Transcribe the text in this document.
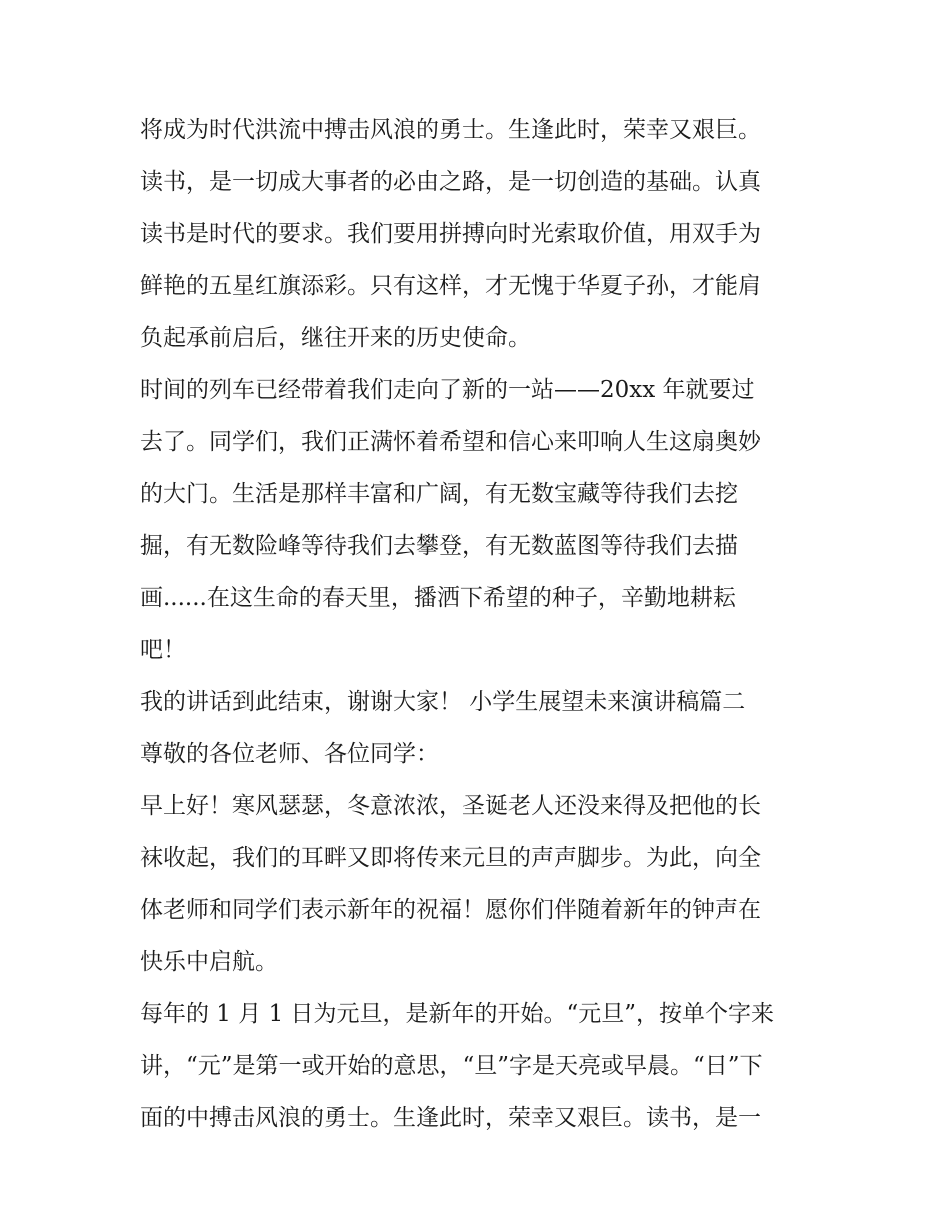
将成为时代洪流中搏击风浪的勇士。生逢此时，荣幸又艰巨。
读书，是一切成大事者的必由之路，是一切创造的基础。认真
读书是时代的要求。我们要用拼搏向时光索取价值，用双手为
鲜艳的五星红旗添彩。只有这样，才无愧于华夏子孙，才能肩
负起承前启后，继往开来的历史使命。
时间的列车已经带着我们走向了新的一站——20xx 年就要过
去了。同学们，我们正满怀着希望和信心来叩响人生这扇奥妙
的大门。生活是那样丰富和广阔，有无数宝藏等待我们去挖
掘，有无数险峰等待我们去攀登，有无数蓝图等待我们去描
画......在这生命的春天里，播洒下希望的种子，辛勤地耕耘
吧！
我的讲话到此结束，谢谢大家！ 小学生展望未来演讲稿篇二
尊敬的各位老师、各位同学：
早上好！寒风瑟瑟，冬意浓浓，圣诞老人还没来得及把他的长
袜收起，我们的耳畔又即将传来元旦的声声脚步。为此，向全
体老师和同学们表示新年的祝福！愿你们伴随着新年的钟声在
快乐中启航。
每年的 1 月 1 日为元旦，是新年的开始。“元旦”，按单个字来
讲，“元”是第一或开始的意思，“旦”字是天亮或早晨。“日”下
面的中搏击风浪的勇士。生逢此时，荣幸又艰巨。读书，是一
